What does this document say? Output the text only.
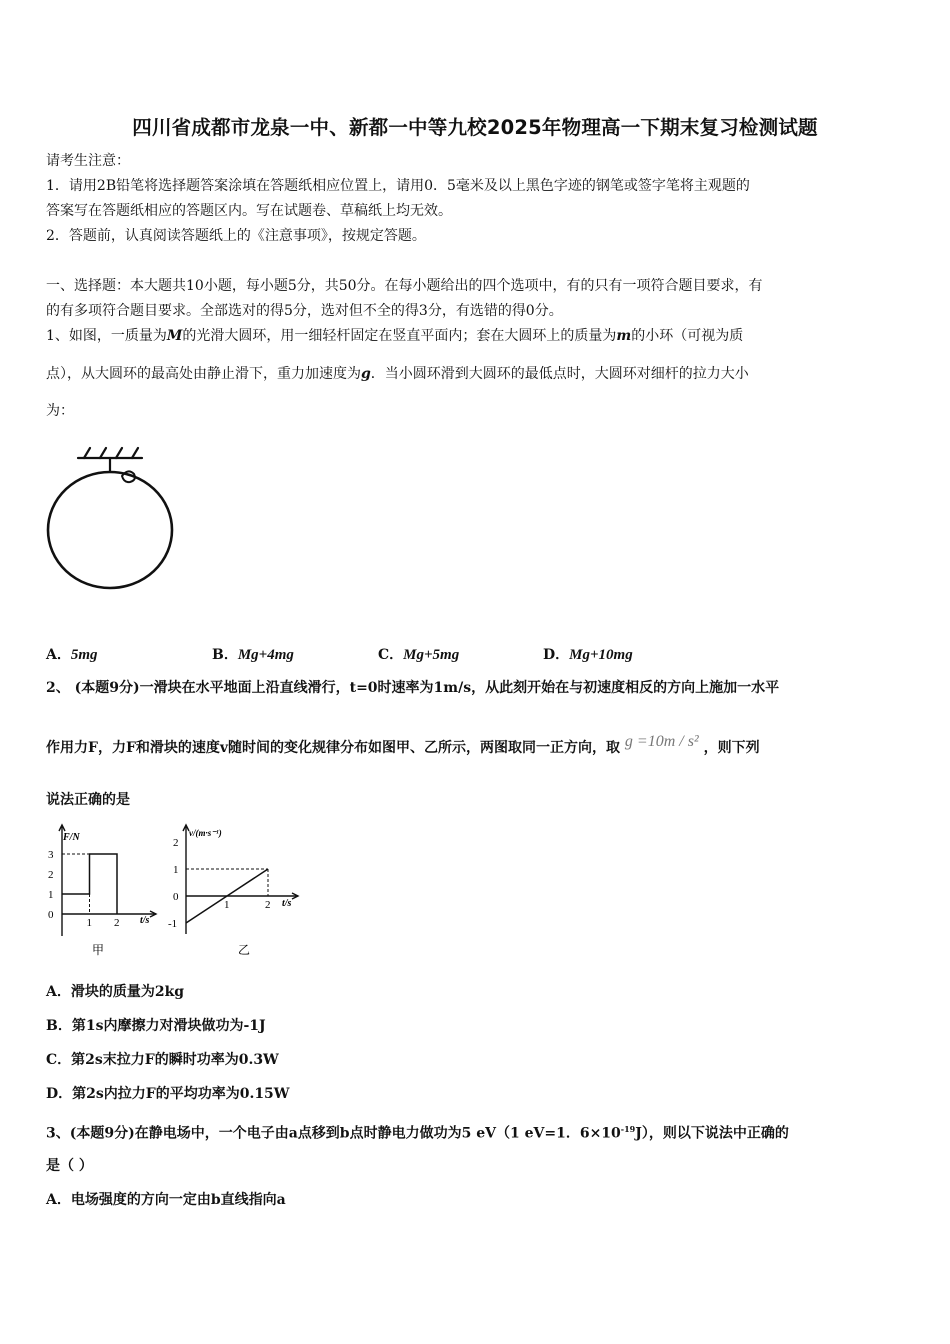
四川省成都市龙泉一中、新都一中等九校2025年物理高一下期末复习检测试题
请考生注意：
1．请用2B铅笔将选择题答案涂填在答题纸相应位置上，请用0．5毫米及以上黑色字迹的钢笔或签字笔将主观题的
答案写在答题纸相应的答题区内。写在试题卷、草稿纸上均无效。
2．答题前，认真阅读答题纸上的《注意事项》，按规定答题。
一、选择题：本大题共10小题，每小题5分，共50分。在每小题给出的四个选项中，有的只有一项符合题目要求，有
的有多项符合题目要求。全部选对的得5分，选对但不全的得3分，有选错的得0分。
1、如图，一质量为M的光滑大圆环，用一细轻杆固定在竖直平面内；套在大圆环上的质量为m的小环（可视为质
点），从大圆环的最高处由静止滑下，重力加速度为g．当小圆环滑到大圆环的最低点时，大圆环对细杆的拉力大小
为：
A．5mg	B．Mg+4mg	C．Mg+5mg	D．Mg+10mg
2、 (本题9分)一滑块在水平地面上沿直线滑行，t=0时速率为1m/s，从此刻开始在与初速度相反的方向上施加一水平
作用力F，力F和滑块的速度v随时间的变化规律分布如图甲、乙所示，两图取同一正方向，取 g =10m / s² ，则下列
说法正确的是
0
1
2
3
1 2
F/N
t/s
甲
-1
0
1
2
1	2
v/(m·s⁻¹)
t/s
乙
A．滑块的质量为2kg
B．第1s内摩擦力对滑块做功为-1J
C．第2s末拉力F的瞬时功率为0.3W
D．第2s内拉力F的平均功率为0.15W
3、(本题9分)在静电场中，一个电子由a点移到b点时静电力做功为5 eV（1 eV=1．$6\times 10^{-19}J$），则以下说法中正确的
是（ ）
A．电场强度的方向一定由b直线指向a
